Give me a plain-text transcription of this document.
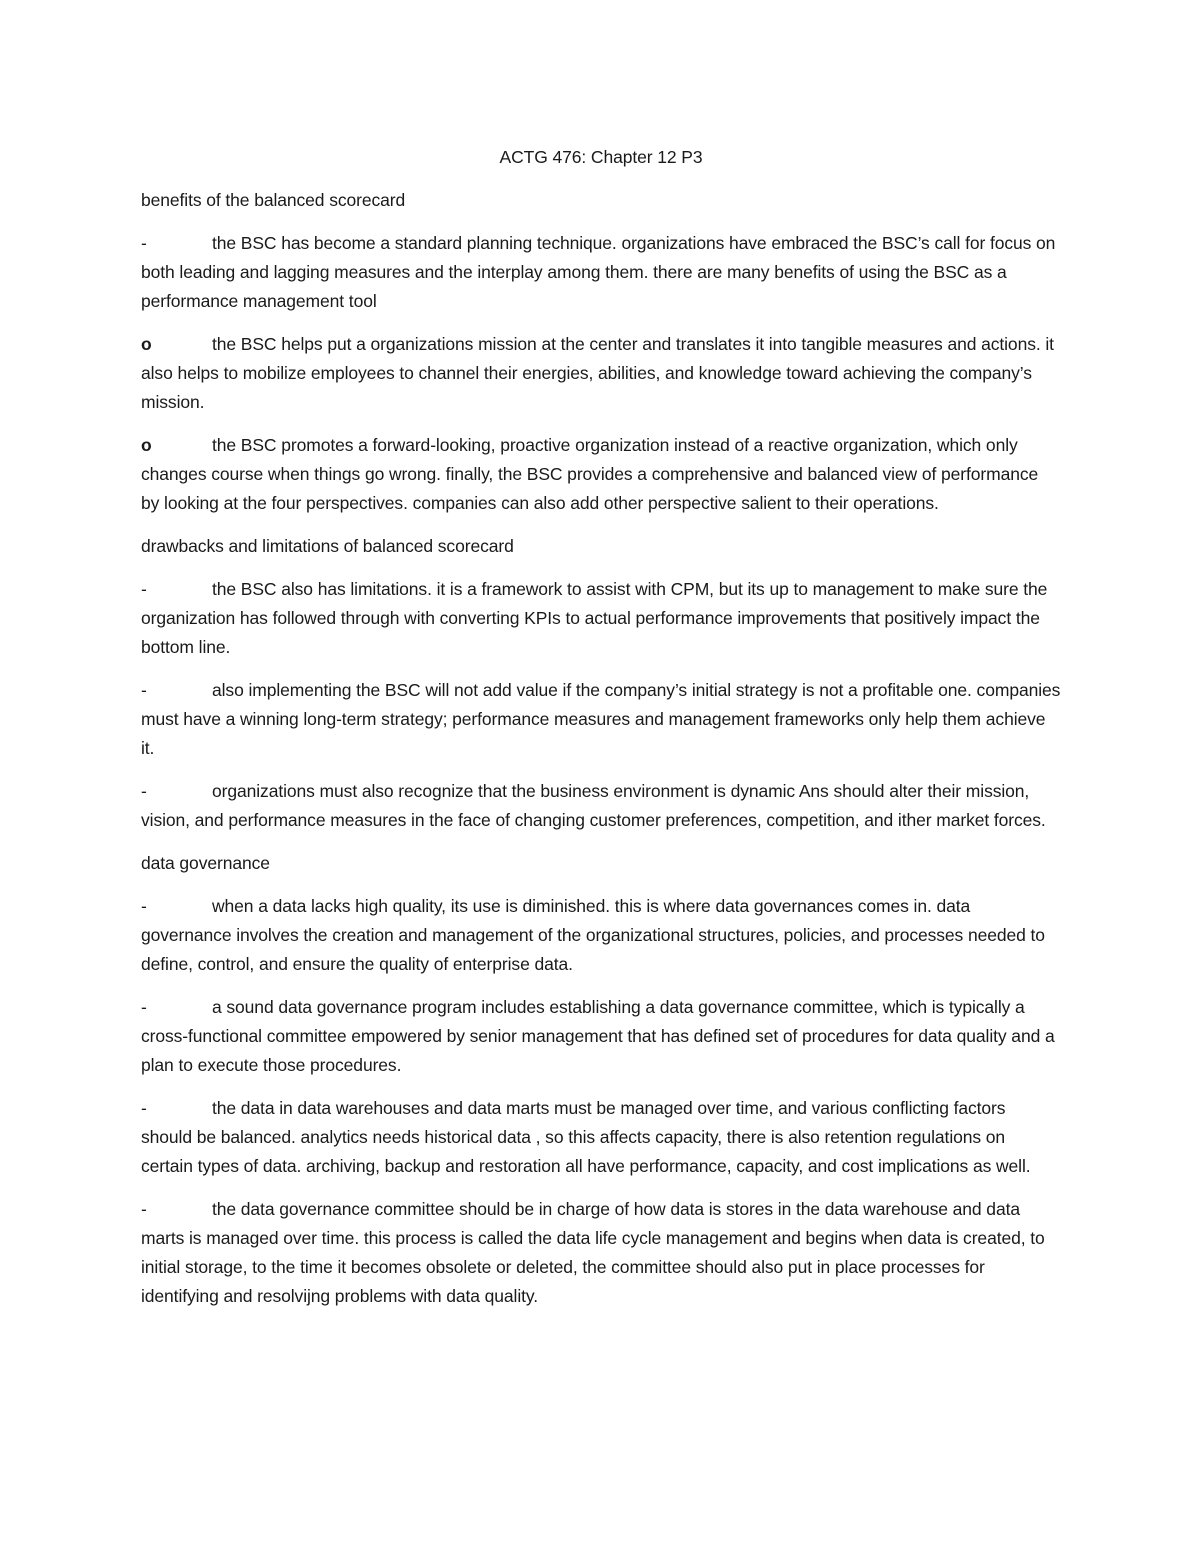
ACTG 476: Chapter 12 P3
benefits of the balanced scorecard
-	the BSC has become a standard planning technique. organizations have embraced the BSC’s call for focus on both leading and lagging measures and the interplay among them. there are many benefits of using the BSC as a performance management tool
o	the BSC helps put a organizations mission at the center and translates it into tangible measures and actions. it also helps to mobilize employees to channel their energies, abilities, and knowledge toward achieving the company’s mission.
o	the BSC promotes a forward-looking, proactive organization instead of a reactive organization, which only changes course when things go wrong. finally, the BSC provides a comprehensive and balanced view of performance by looking at the four perspectives. companies can also add other perspective salient to their operations.
drawbacks and limitations of balanced scorecard
-	the BSC also has limitations. it is a framework to assist with CPM, but its up to management to make sure the organization has followed through with converting KPIs to actual performance improvements that positively impact the bottom line.
-	also implementing the BSC will not add value if the company’s initial strategy is not a profitable one. companies must have a winning long-term strategy; performance measures and management frameworks only help them achieve it.
-	organizations must also recognize that the business environment is dynamic Ans should alter their mission, vision, and performance measures in the face of changing customer preferences, competition, and ither market forces.
data governance
-	when a data lacks high quality, its use is diminished. this is where data governances comes in. data governance involves the creation and management of the organizational structures, policies, and processes needed to define, control, and ensure the quality of enterprise data.
-	a sound data governance program includes establishing a data governance committee, which is typically a cross-functional committee empowered by senior management that has defined set of procedures for data quality and a plan to execute those procedures.
-	the data in data warehouses and data marts must be managed over time, and various conflicting factors should be balanced. analytics needs historical data , so this affects capacity, there is also retention regulations on certain types of data. archiving, backup and restoration all have performance, capacity, and cost implications as well.
-	the data governance committee should be in charge of how data is stores in the data warehouse and data marts is managed over time. this process is called the data life cycle management and begins when data is created, to initial storage, to the time it becomes obsolete or deleted, the committee should also put in place processes for identifying and resolvijng problems with data quality.
